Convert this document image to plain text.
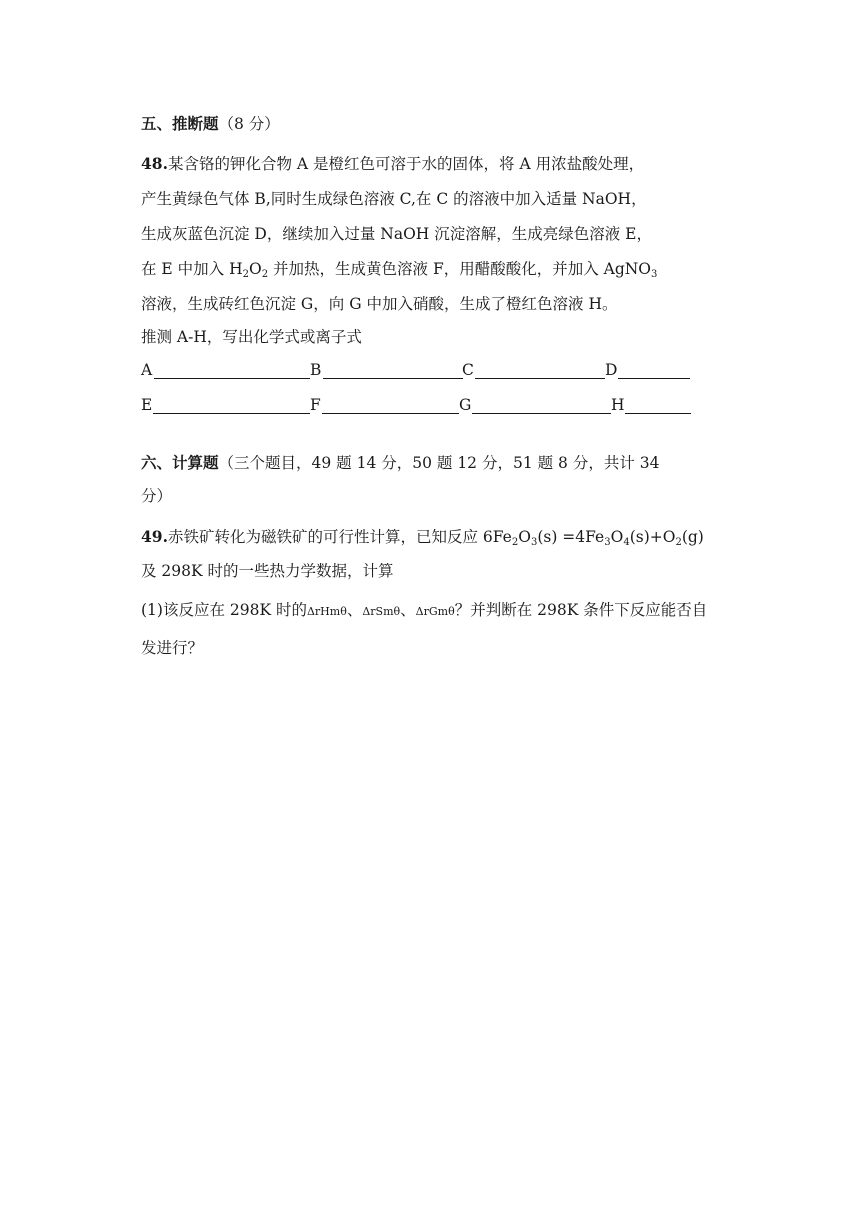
五、推断题（8 分）
48.某含铬的钾化合物 A 是橙红色可溶于水的固体，将 A 用浓盐酸处理，
产生黄绿色气体 B,同时生成绿色溶液 C,在 C 的溶液中加入适量 NaOH，
生成灰蓝色沉淀 D，继续加入过量 NaOH 沉淀溶解，生成亮绿色溶液 E，
在 E 中加入 $H_2O_2$ 并加热，生成黄色溶液 F，用醋酸酸化，并加入 AgNO$_3$
溶液，生成砖红色沉淀 G，向 G 中加入硝酸，生成了橙红色溶液 H。
推测 A-H，写出化学式或离子式
A	B	C	D
E	F	G	H
六、计算题（三个题目，49 题 14 分，50 题 12 分，51 题 8 分，共计 34
分）
49.赤铁矿转化为磁铁矿的可行性计算，已知反应 $6Fe_2O_3(s) =4Fe_3O_4(s)+O_2(g)$
及 298K 时的一些热力学数据，计算
(1)该反应在 298K 时的ΔrHmθ、ΔrSmθ、ΔrGmθ？并判断在 298K 条件下反应能否自
发进行？
